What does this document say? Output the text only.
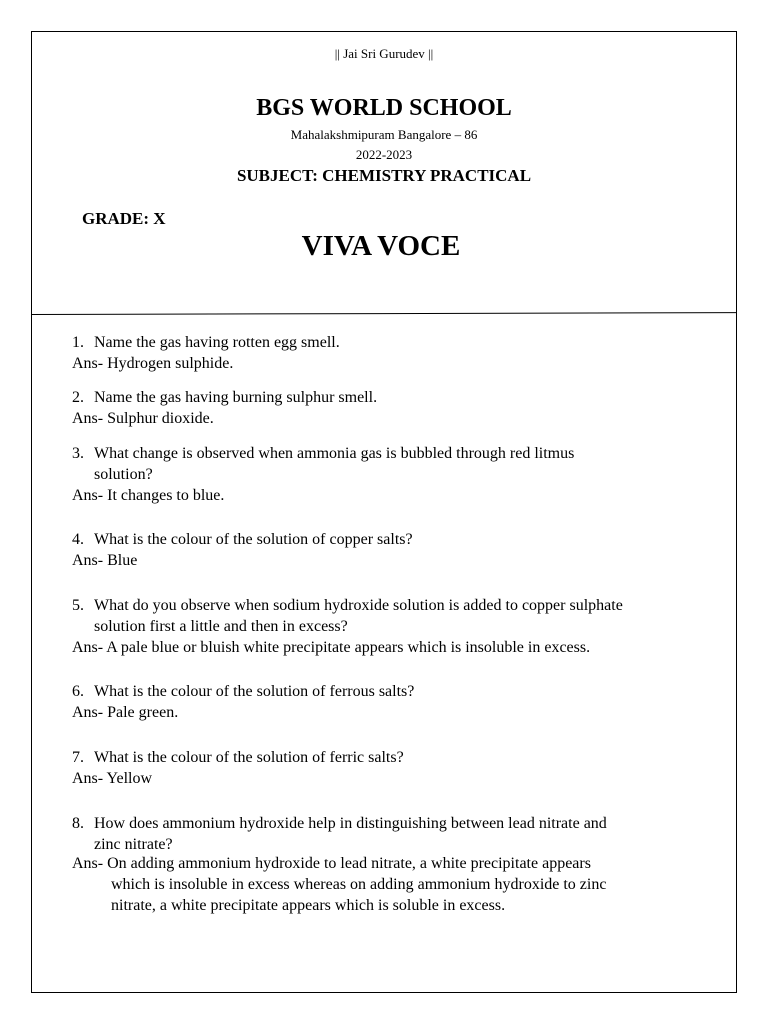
|| Jai Sri Gurudev ||
BGS WORLD SCHOOL
Mahalakshmipuram Bangalore – 86
2022-2023
SUBJECT: CHEMISTRY PRACTICAL
GRADE: X
VIVA VOCE
1. Name the gas having rotten egg smell.
Ans- Hydrogen sulphide.
2. Name the gas having burning sulphur smell.
Ans- Sulphur dioxide.
3. What change is observed when ammonia gas is bubbled through red litmus
solution?
Ans- It changes to blue.
4. What is the colour of the solution of copper salts?
Ans- Blue
5. What do you observe when sodium hydroxide solution is added to copper sulphate
solution first a little and then in excess?
Ans- A pale blue or bluish white precipitate appears which is insoluble in excess.
6. What is the colour of the solution of ferrous salts?
Ans- Pale green.
7. What is the colour of the solution of ferric salts?
Ans- Yellow
8. How does ammonium hydroxide help in distinguishing between lead nitrate and
zinc nitrate?
Ans- On adding ammonium hydroxide to lead nitrate, a white precipitate appears
which is insoluble in excess whereas on adding ammonium hydroxide to zinc
nitrate, a white precipitate appears which is soluble in excess.
